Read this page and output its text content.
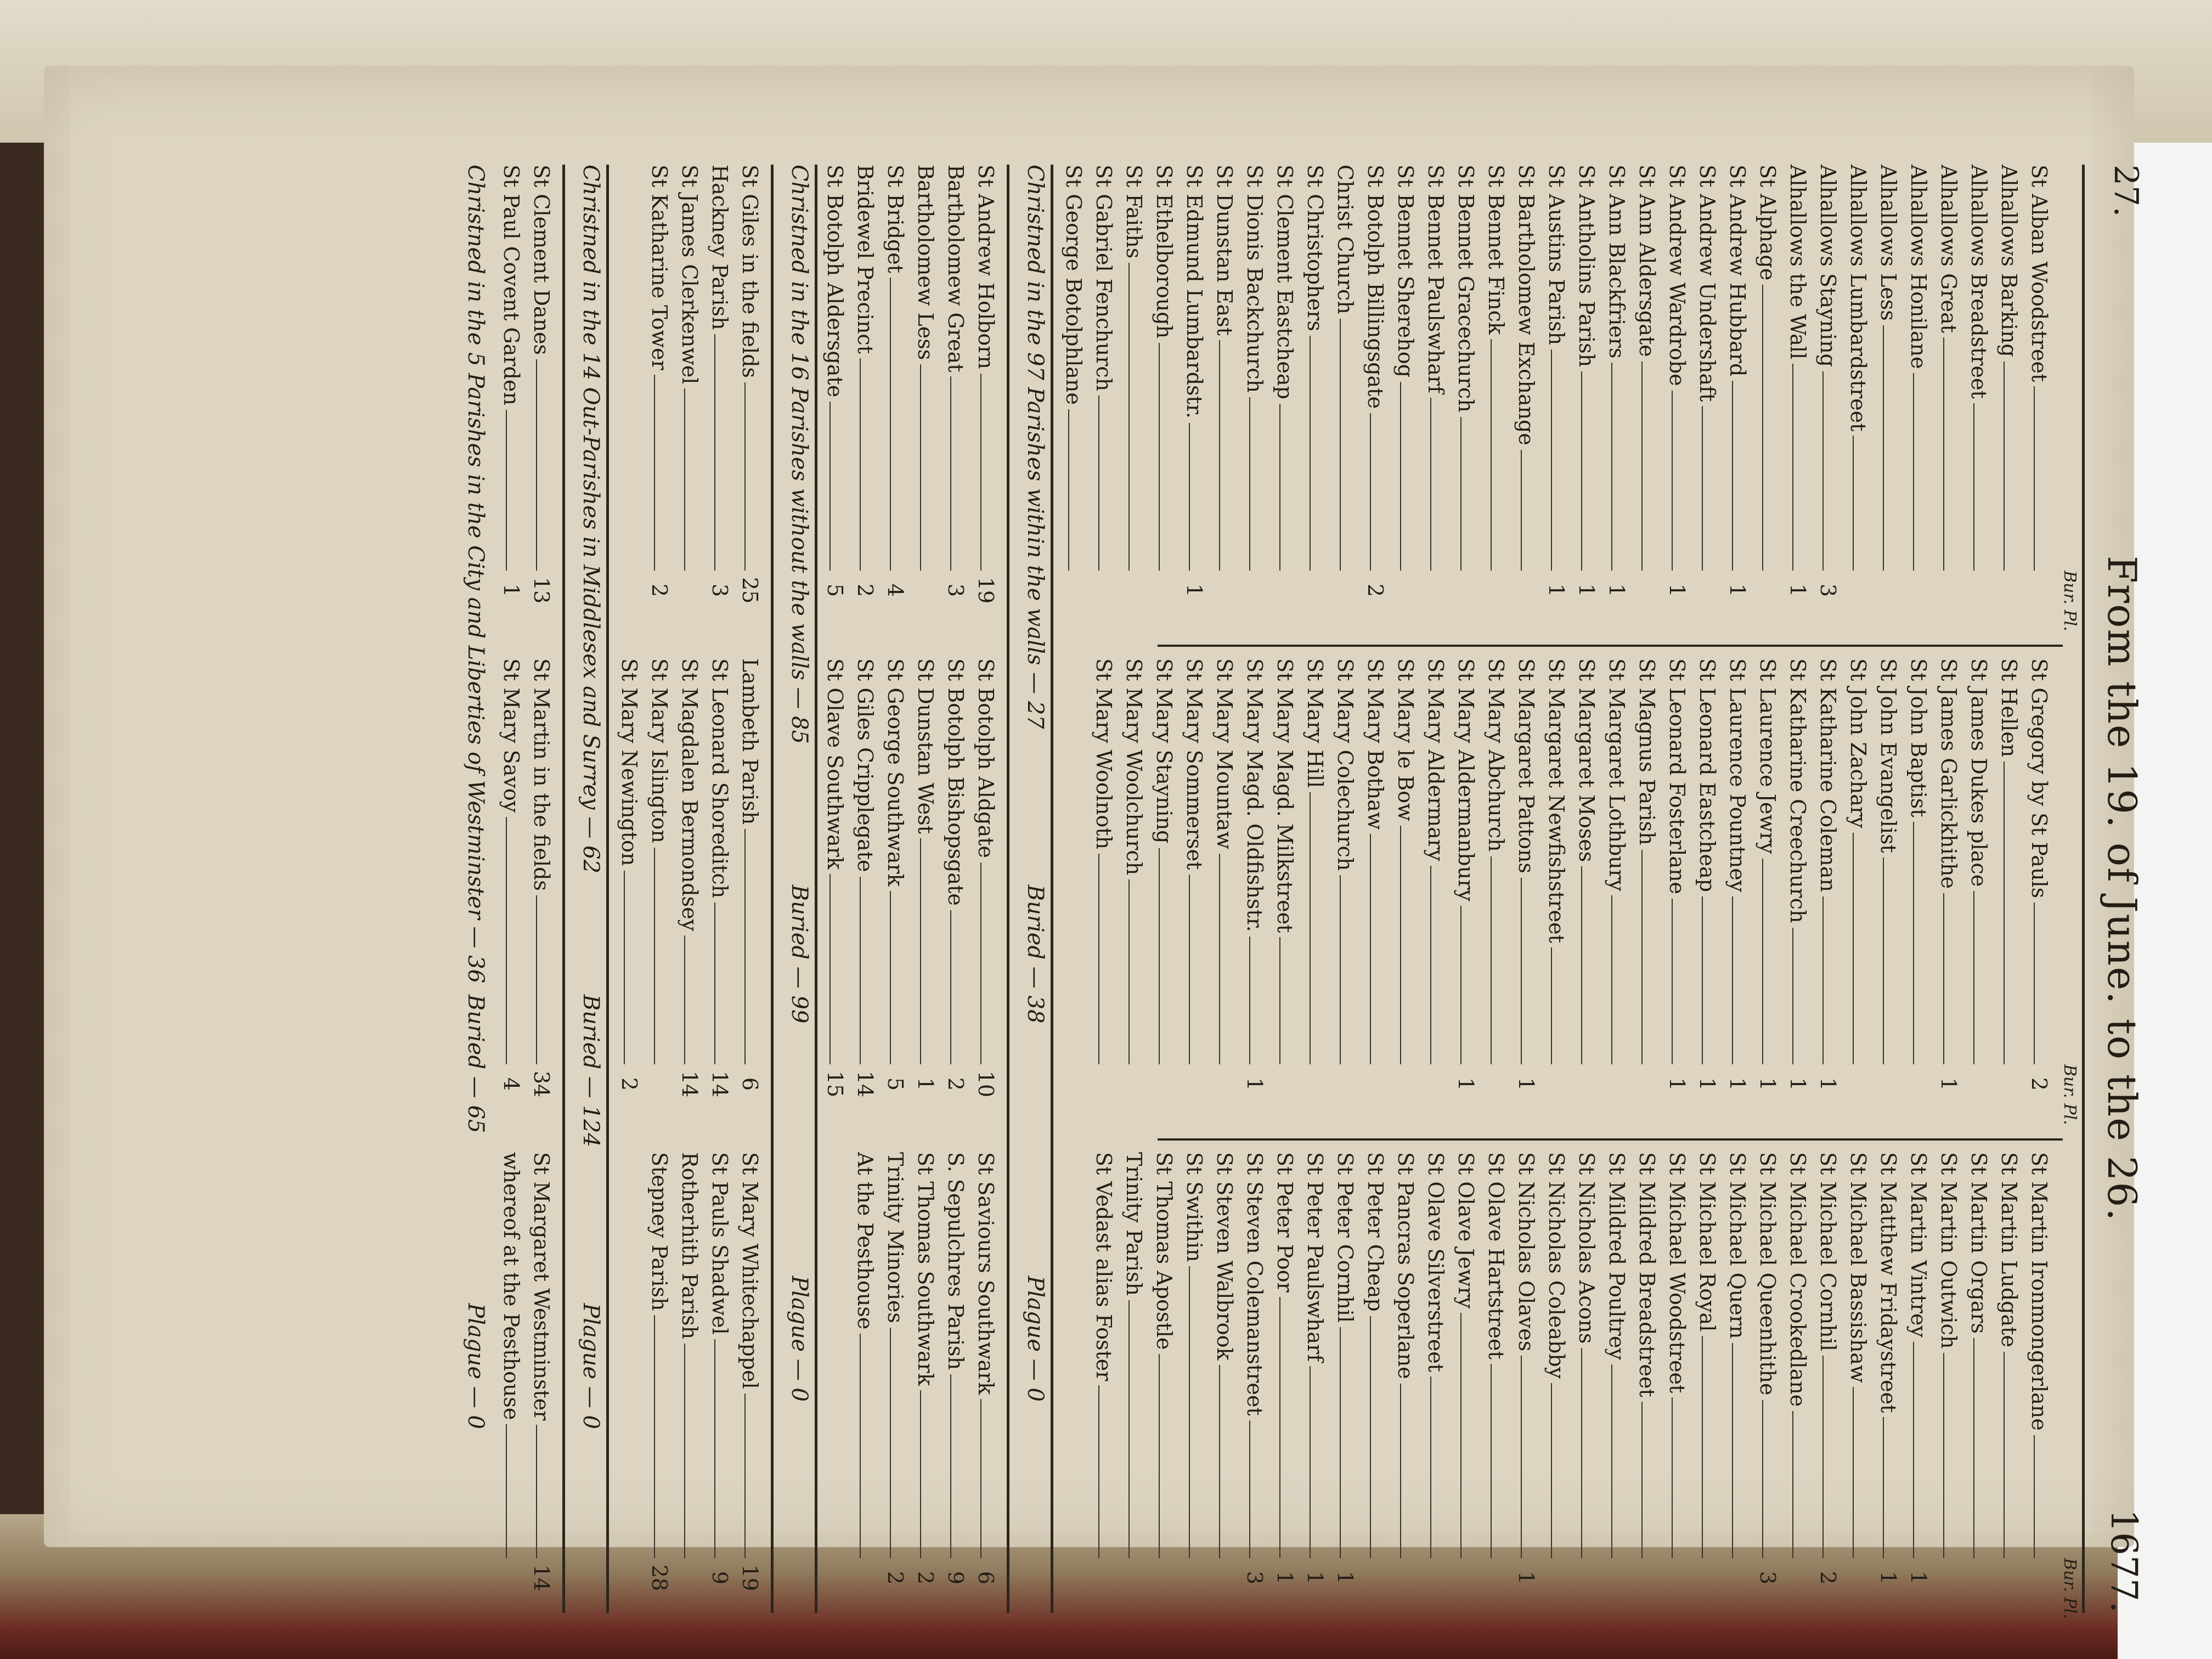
27.
From the 19. of June. to the 26.
1677.
Bur. Pl.
Bur. Pl.
Bur. Pl.
St Alban Woodstreet
Alhallows Barking
Alhallows Breadstreet
Alhallows Great
Alhallows Honilane
Alhallows Less
Alhallows Lumbardstreet
Alhallows Stayning
3
Alhallows the Wall
1
St Alphage
St Andrew Hubbard
1
St Andrew Undershaft
St Andrew Wardrobe
1
St Ann Aldersgate
St Ann Blackfriers
1
St Antholins Parish
1
St Austins Parish
1
St Bartholomew Exchange
St Bennet Finck
St Bennet Gracechurch
St Bennet Paulswharf
St Bennet Sherehog
St Botolph Billingsgate
2
Christ Church
St Christophers
St Clement Eastcheap
St Dionis Backchurch
St Dunstan East
St Edmund Lumbardstr.
1
St Ethelborough
St Faiths
St Gabriel Fenchurch
St George Botolphlane
St Gregory by St Pauls
2
St Hellen
St James Dukes place
St James Garlickhithe
1
St John Baptist
St John Evangelist
St John Zachary
St Katharine Coleman
1
St Katharine Creechurch
1
St Laurence Jewry
1
St Laurence Pountney
1
St Leonard Eastcheap
1
St Leonard Fosterlane
1
St Magnus Parish
St Margaret Lothbury
St Margaret Moses
St Margaret Newfishstreet
St Margaret Pattons
1
St Mary Abchurch
St Mary Aldermanbury
1
St Mary Aldermary
St Mary le Bow
St Mary Bothaw
St Mary Colechurch
St Mary Hill
St Mary Magd. Milkstreet
St Mary Magd. Oldfishstr.
1
St Mary Mountaw
St Mary Sommerset
St Mary Stayning
St Mary Woolchurch
St Mary Woolnoth
St Martin Ironmongerlane
St Martin Ludgate
St Martin Orgars
St Martin Outwich
St Martin Vintrey
1
St Matthew Fridaystreet
1
St Michael Bassishaw
St Michael Cornhil
2
St Michael Crookedlane
St Michael Queenhithe
3
St Michael Quern
St Michael Royal
St Michael Woodstreet
St Mildred Breadstreet
St Mildred Poultrey
St Nicholas Acons
St Nicholas Coleabby
St Nicholas Olaves
1
St Olave Hartstreet
St Olave Jewry
St Olave Silverstreet
St Pancras Soperlane
St Peter Cheap
St Peter Cornhil
1
St Peter Paulswharf
1
St Peter Poor
1
St Steven Colemanstreet
3
St Steven Walbrook
St Swithin
St Thomas Apostle
Trinity Parish
St Vedast alias Foster
Christned in the 97 Parishes within the walls — 27 Buried — 38 Plague — 0
St Andrew Holborn
19
Bartholomew Great
3
Bartholomew Less
St Bridget
4
Bridewel Precinct
2
St Botolph Aldersgate
5
St Botolph Aldgate
10
St Botolph Bishopsgate
2
St Dunstan West
1
St George Southwark
5
St Giles Cripplegate
14
St Olave Southwark
15
St Saviours Southwark
6
S. Sepulchres Parish
9
St Thomas Southwark
2
Trinity Minories
2
At the Pesthouse
Christned in the 16 Parishes without the walls — 85 Buried — 99 Plague — 0
St Giles in the fields
25
Hackney Parish
3
St James Clerkenwel
St Katharine Tower
2
Lambeth Parish
6
St Leonard Shoreditch
14
St Magdalen Bermondsey
14
St Mary Islington
St Mary Newington
2
St Mary Whitechappel
19
St Pauls Shadwel
9
Rotherhith Parish
Stepney Parish
28
Christned in the 14 Out-Parishes in Middlesex and Surrey — 62 Buried — 124 Plague — 0
St Clement Danes
13
St Paul Covent Garden
1
St Martin in the fields
34
St Mary Savoy
4
St Margaret Westminster
14
whereof at the Pesthouse
Christned in the 5 Parishes in the City and Liberties of Westminster — 36 Buried — 65 Plague — 0
